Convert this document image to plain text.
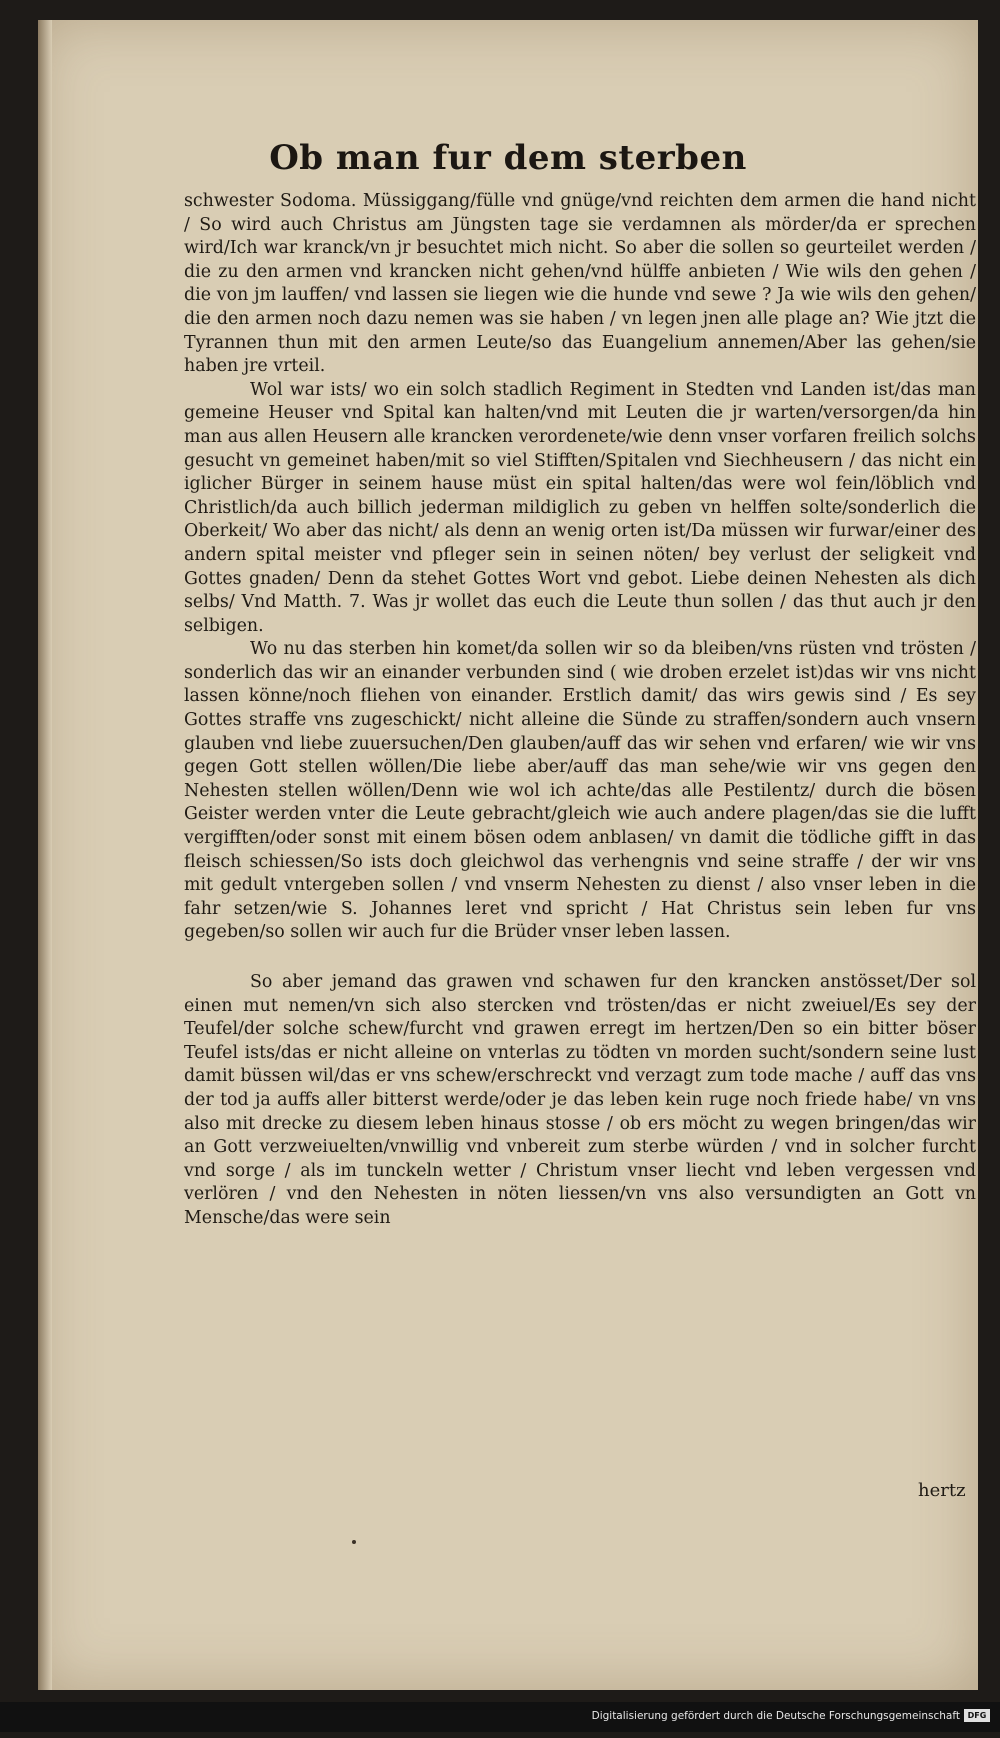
Ob man fur dem sterben

schwester Sodoma. Müssiggang/fülle vnd gnüge/vnd reichten dem armen die hand nicht / So wird auch Christus am Jüngsten tage sie verdamnen als mörder/da er sprechen wird/Ich war kranck/vn jr besuchtet mich nicht. So aber die sollen so geurteilet werden / die zu den armen vnd krancken nicht gehen/vnd hülffe anbieten / Wie wils den gehen / die von jm lauffen/ vnd lassen sie liegen wie die hunde vnd sewe ? Ja wie wils den gehen/ die den armen noch dazu nemen was sie haben / vn legen jnen alle plage an? Wie jtzt die Tyrannen thun mit den armen Leute/so das Euangelium annemen/Aber las gehen/sie haben jre vrteil.

Wol war ists/ wo ein solch stadlich Regiment in Stedten vnd Landen ist/das man gemeine Heuser vnd Spital kan halten/vnd mit Leuten die jr warten/versorgen/da hin man aus allen Heusern alle krancken verordenete/wie denn vnser vorfaren freilich solchs gesucht vn gemeinet haben/mit so viel Stifften/Spitalen vnd Siechheusern / das nicht ein iglicher Bürger in seinem hause müst ein spital halten/das were wol fein/löblich vnd Christlich/da auch billich jederman mildiglich zu geben vn helffen solte/sonderlich die Oberkeit/ Wo aber das nicht/ als denn an wenig orten ist/Da müssen wir furwar/einer des andern spital meister vnd pfleger sein in seinen nöten/ bey verlust der seligkeit vnd Gottes gnaden/ Denn da stehet Gottes Wort vnd gebot. Liebe deinen Nehesten als dich selbs/ Vnd Matth. 7. Was jr wollet das euch die Leute thun sollen / das thut auch jr den selbigen.

Wo nu das sterben hin komet/da sollen wir so da bleiben/vns rüsten vnd trösten / sonderlich das wir an einander verbunden sind ( wie droben erzelet ist)das wir vns nicht lassen könne/noch fliehen von einander. Erstlich damit/ das wirs gewis sind / Es sey Gottes straffe vns zugeschickt/ nicht alleine die Sünde zu straffen/sondern auch vnsern glauben vnd liebe zuuersuchen/Den glauben/auff das wir sehen vnd erfaren/ wie wir vns gegen Gott stellen wöllen/Die liebe aber/auff das man sehe/wie wir vns gegen den Nehesten stellen wöllen/Denn wie wol ich achte/das alle Pestilentz/ durch die bösen Geister werden vnter die Leute gebracht/gleich wie auch andere plagen/das sie die lufft vergifften/oder sonst mit einem bösen odem anblasen/ vn damit die tödliche gifft in das fleisch schiessen/So ists doch gleichwol das verhengnis vnd seine straffe / der wir vns mit gedult vntergeben sollen / vnd vnserm Nehesten zu dienst / also vnser leben in die fahr setzen/wie S. Johannes leret vnd spricht / Hat Christus sein leben fur vns gegeben/so sollen wir auch fur die Brüder vnser leben lassen.

So aber jemand das grawen vnd schawen fur den krancken anstösset/Der sol einen mut nemen/vn sich also stercken vnd trösten/das er nicht zweiuel/Es sey der Teufel/der solche schew/furcht vnd grawen erregt im hertzen/Den so ein bitter böser Teufel ists/das er nicht alleine on vnterlas zu tödten vn morden sucht/sondern seine lust damit büssen wil/das er vns schew/erschreckt vnd verzagt zum tode mache / auff das vns der tod ja auffs aller bitterst werde/oder je das leben kein ruge noch friede habe/ vn vns also mit drecke zu diesem leben hinaus stosse / ob ers möcht zu wegen bringen/das wir an Gott verzweiuelten/vnwillig vnd vnbereit zum sterbe würden / vnd in solcher furcht vnd sorge / als im tunckeln wetter / Christum vnser liecht vnd leben vergessen vnd verlören / vnd den Nehesten in nöten liessen/vn vns also versundigten an Gott vn Mensche/das were sein

hertz
Digitalisierung gefördert durch die Deutsche Forschungsgemeinschaft DFG
